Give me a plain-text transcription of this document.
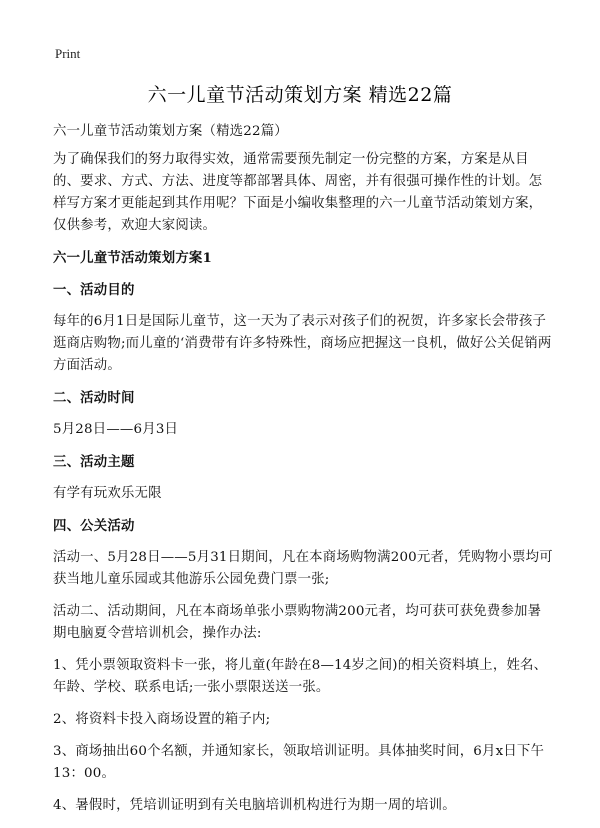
Print
六一儿童节活动策划方案 精选22篇

六一儿童节活动策划方案（精选22篇）

为了确保我们的努力取得实效，通常需要预先制定一份完整的方案，方案是从目的、要求、方式、方法、进度等都部署具体、周密，并有很强可操作性的计划。怎样写方案才更能起到其作用呢？下面是小编收集整理的六一儿童节活动策划方案，仅供参考，欢迎大家阅读。

六一儿童节活动策划方案1

一、活动目的

每年的6月1日是国际儿童节，这一天为了表示对孩子们的祝贺，许多家长会带孩子逛商店购物;而儿童的‘消费带有许多特殊性，商场应把握这一良机，做好公关促销两方面活动。

二、活动时间

5月28日——6月3日

三、活动主题

有学有玩欢乐无限

四、公关活动

活动一、5月28日——5月31日期间，凡在本商场购物满200元者，凭购物小票均可获当地儿童乐园或其他游乐公园免费门票一张;

活动二、活动期间，凡在本商场单张小票购物满200元者，均可获可获免费参加暑期电脑夏令营培训机会，操作办法:

1、凭小票领取资料卡一张，将儿童(年龄在8—14岁之间)的相关资料填上，姓名、年龄、学校、联系电话;一张小票限送送一张。

2、将资料卡投入商场设置的箱子内;

3、商场抽出60个名额，并通知家长，领取培训证明。具体抽奖时间，6月x日下午13：00。

4、暑假时，凭培训证明到有关电脑培训机构进行为期一周的培训。
